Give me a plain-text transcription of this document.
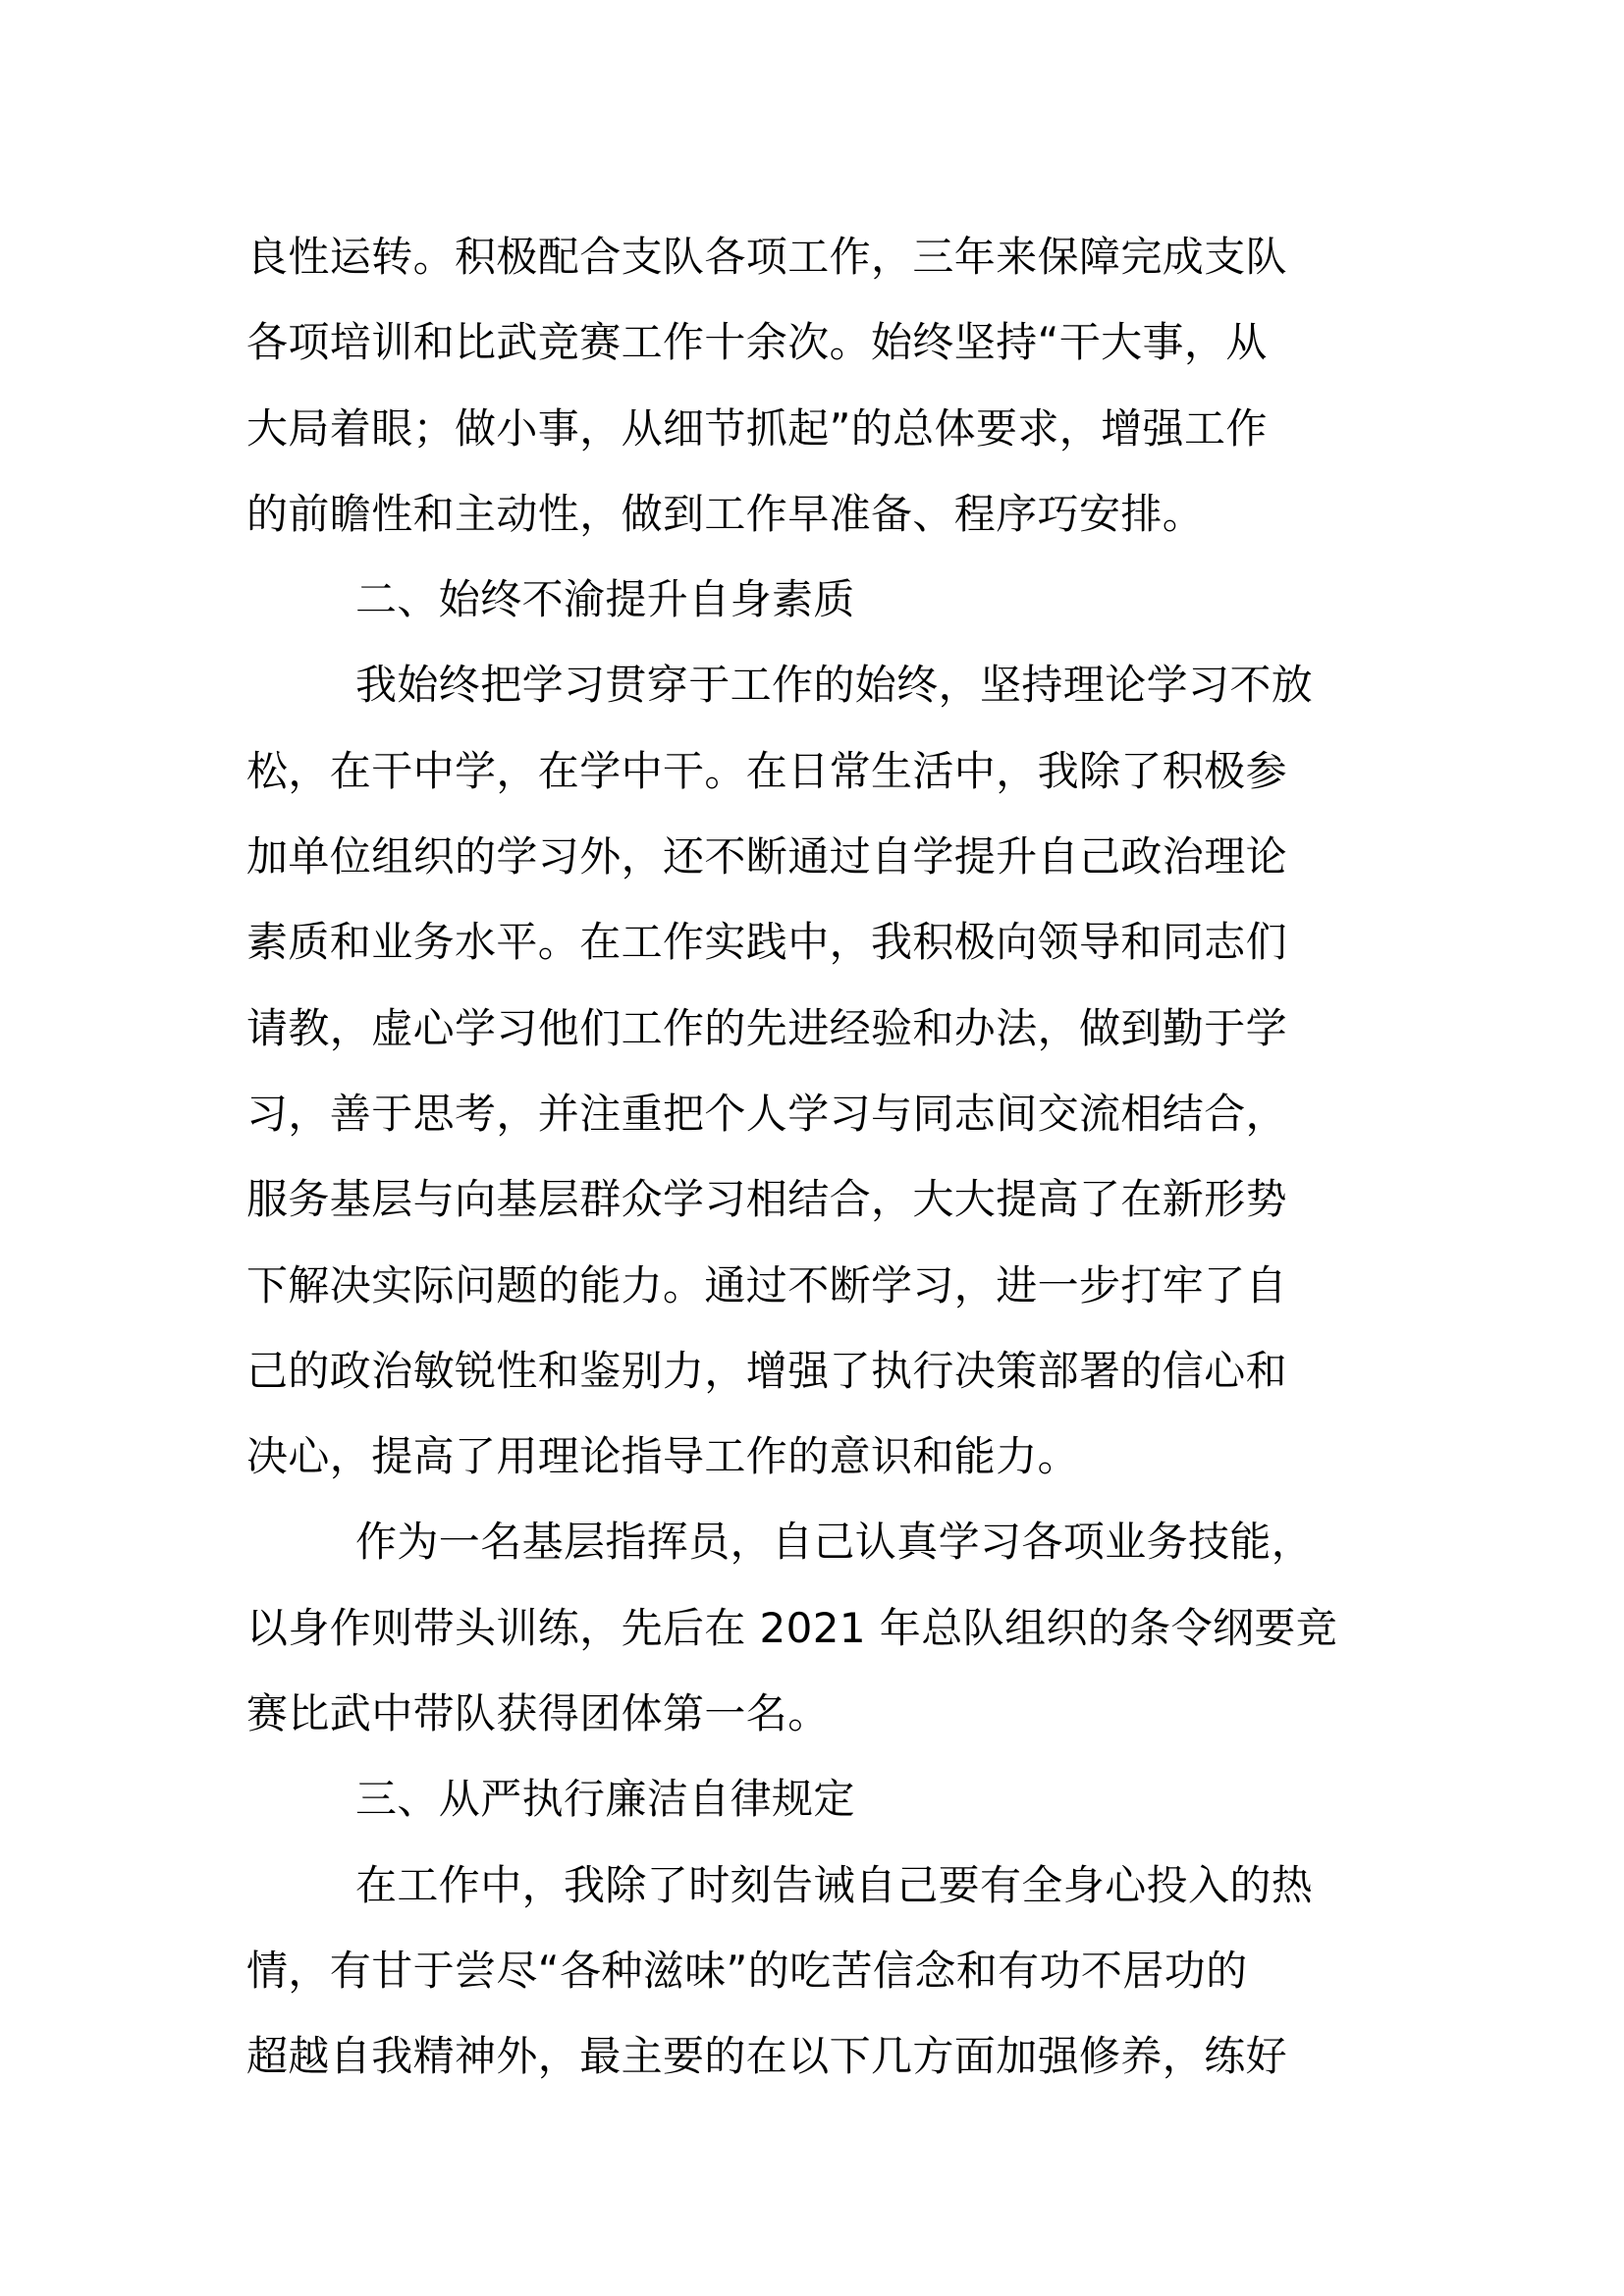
良性运转。积极配合支队各项工作，三年来保障完成支队
各项培训和比武竞赛工作十余次。始终坚持“干大事，从
大局着眼；做小事，从细节抓起”的总体要求，增强工作
的前瞻性和主动性，做到工作早准备、程序巧安排。
二、始终不渝提升自身素质
我始终把学习贯穿于工作的始终，坚持理论学习不放
松，在干中学，在学中干。在日常生活中，我除了积极参
加单位组织的学习外，还不断通过自学提升自己政治理论
素质和业务水平。在工作实践中，我积极向领导和同志们
请教，虚心学习他们工作的先进经验和办法，做到勤于学
习，善于思考，并注重把个人学习与同志间交流相结合，
服务基层与向基层群众学习相结合，大大提高了在新形势
下解决实际问题的能力。通过不断学习，进一步打牢了自
己的政治敏锐性和鉴别力，增强了执行决策部署的信心和
决心，提高了用理论指导工作的意识和能力。
作为一名基层指挥员，自己认真学习各项业务技能，
以身作则带头训练，先后在 2021 年总队组织的条令纲要竞
赛比武中带队获得团体第一名。
三、从严执行廉洁自律规定
在工作中，我除了时刻告诫自己要有全身心投入的热
情，有甘于尝尽“各种滋味”的吃苦信念和有功不居功的
超越自我精神外，最主要的在以下几方面加强修养，练好
